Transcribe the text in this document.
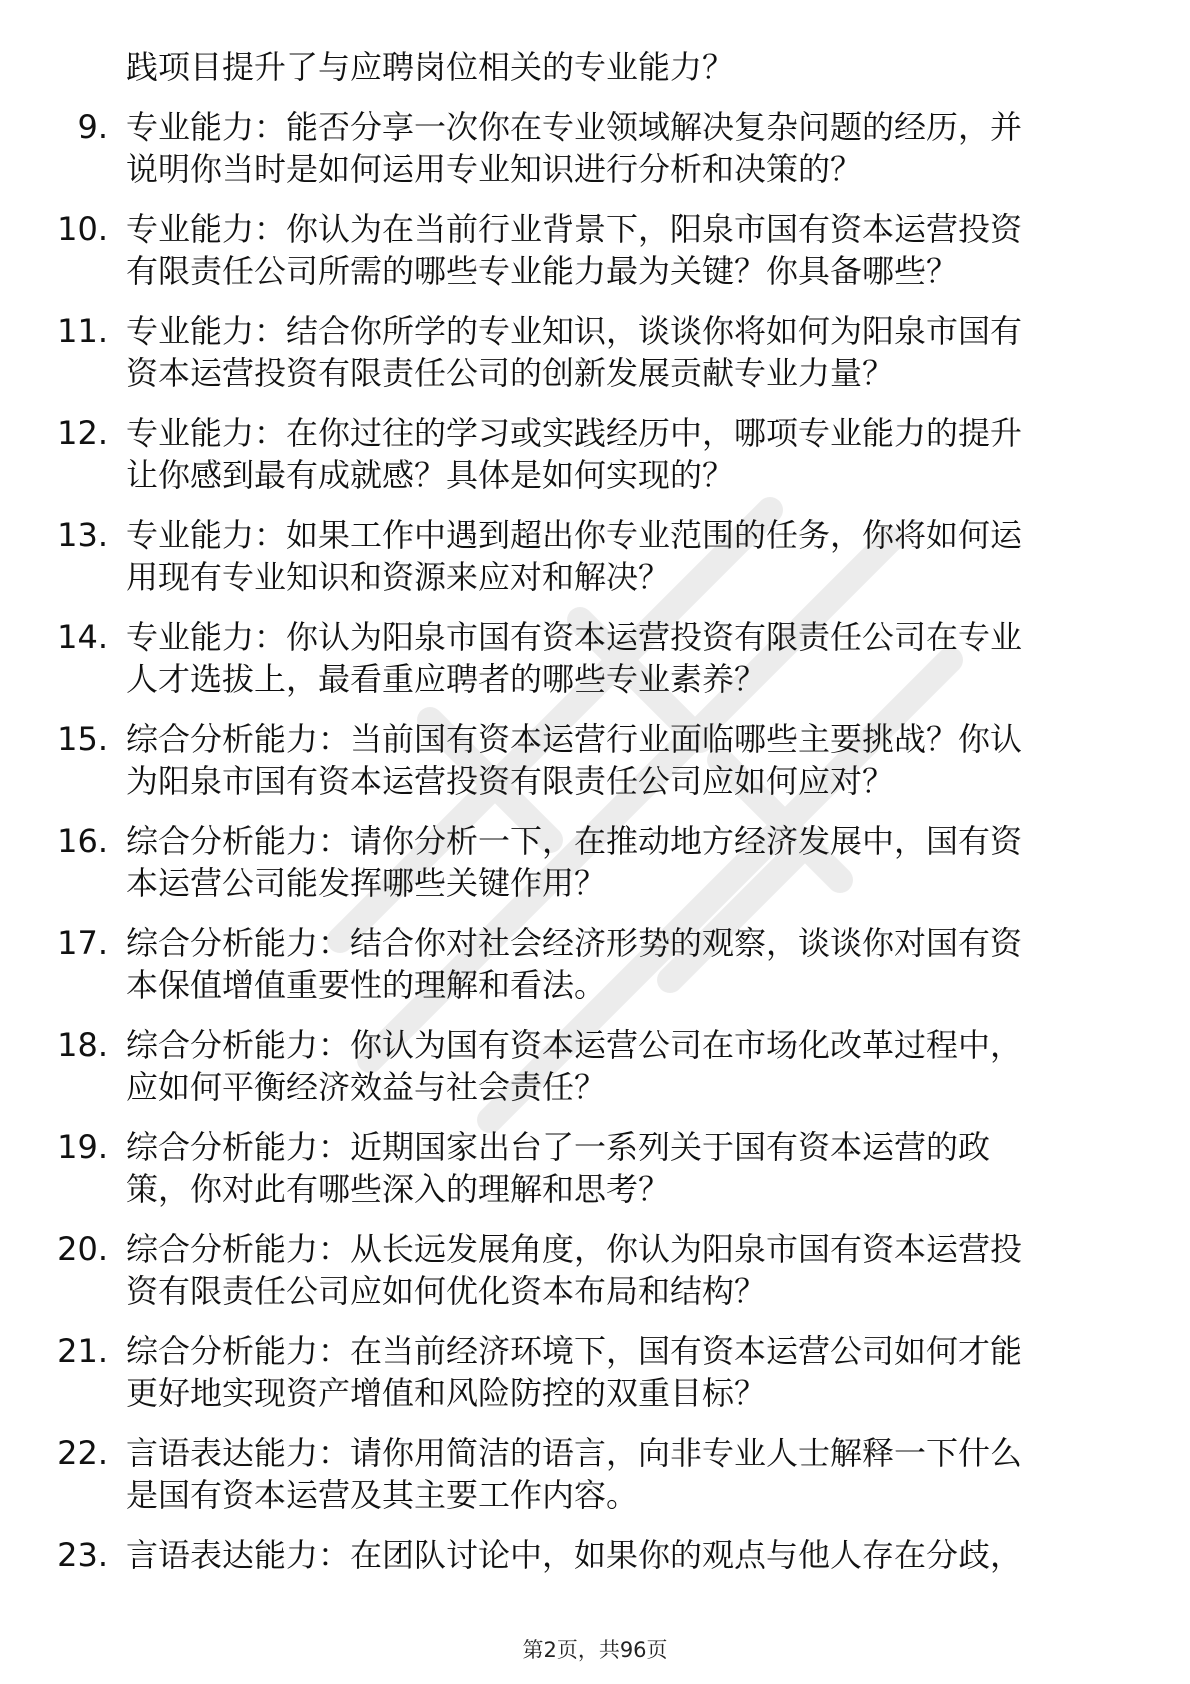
践项目提升了与应聘岗位相关的专业能力？
9. 专业能力：能否分享一次你在专业领域解决复杂问题的经历，并
说明你当时是如何运用专业知识进行分析和决策的？
10. 专业能力：你认为在当前行业背景下，阳泉市国有资本运营投资
有限责任公司所需的哪些专业能力最为关键？你具备哪些？
11. 专业能力：结合你所学的专业知识，谈谈你将如何为阳泉市国有
资本运营投资有限责任公司的创新发展贡献专业力量？
12. 专业能力：在你过往的学习或实践经历中，哪项专业能力的提升
让你感到最有成就感？具体是如何实现的？
13. 专业能力：如果工作中遇到超出你专业范围的任务，你将如何运
用现有专业知识和资源来应对和解决？
14. 专业能力：你认为阳泉市国有资本运营投资有限责任公司在专业
人才选拔上，最看重应聘者的哪些专业素养？
15. 综合分析能力：当前国有资本运营行业面临哪些主要挑战？你认
为阳泉市国有资本运营投资有限责任公司应如何应对？
16. 综合分析能力：请你分析一下，在推动地方经济发展中，国有资
本运营公司能发挥哪些关键作用？
17. 综合分析能力：结合你对社会经济形势的观察，谈谈你对国有资
本保值增值重要性的理解和看法。
18. 综合分析能力：你认为国有资本运营公司在市场化改革过程中，
应如何平衡经济效益与社会责任？
19. 综合分析能力：近期国家出台了一系列关于国有资本运营的政
策，你对此有哪些深入的理解和思考？
20. 综合分析能力：从长远发展角度，你认为阳泉市国有资本运营投
资有限责任公司应如何优化资本布局和结构？
21. 综合分析能力：在当前经济环境下，国有资本运营公司如何才能
更好地实现资产增值和风险防控的双重目标？
22. 言语表达能力：请你用简洁的语言，向非专业人士解释一下什么
是国有资本运营及其主要工作内容。
23. 言语表达能力：在团队讨论中，如果你的观点与他人存在分歧，
第2页，共96页
